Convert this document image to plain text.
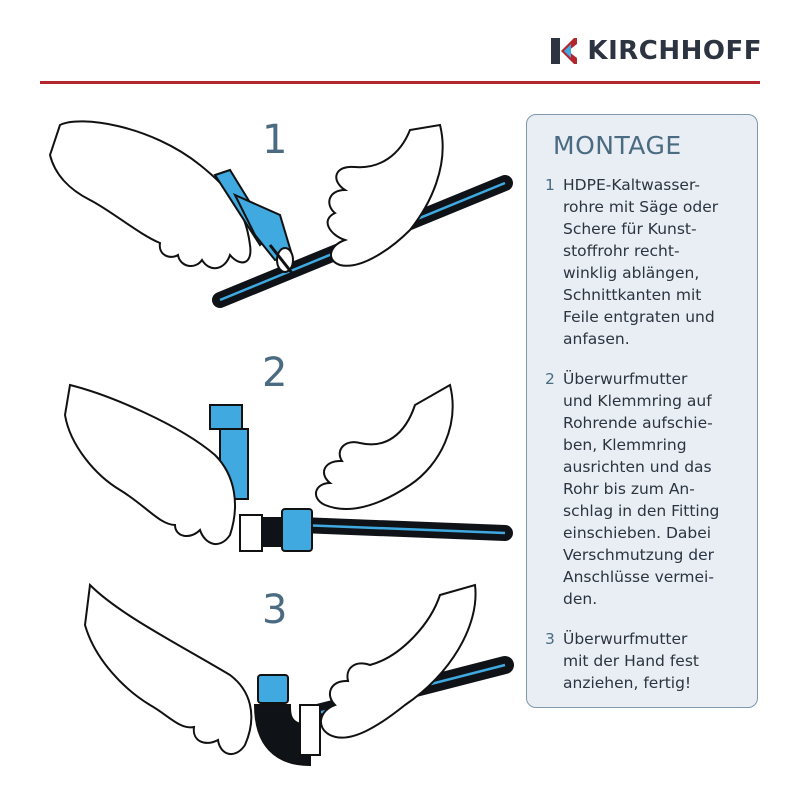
KIRCHHOFF
1
2
3
MONTAGE
1 HDPE-Kaltwasser-
rohre mit Säge oder
Schere für Kunst-
stoffrohr recht-
winklig ablängen,
Schnittkanten mit
Feile entgraten und
anfasen.
2 Überwurfmutter
und Klemmring auf
Rohrende aufschie-
ben, Klemmring
ausrichten und das
Rohr bis zum An-
schlag in den Fitting
einschieben. Dabei
Verschmutzung der
Anschlüsse vermei-
den.
3 Überwurfmutter
mit der Hand fest
anziehen, fertig!
